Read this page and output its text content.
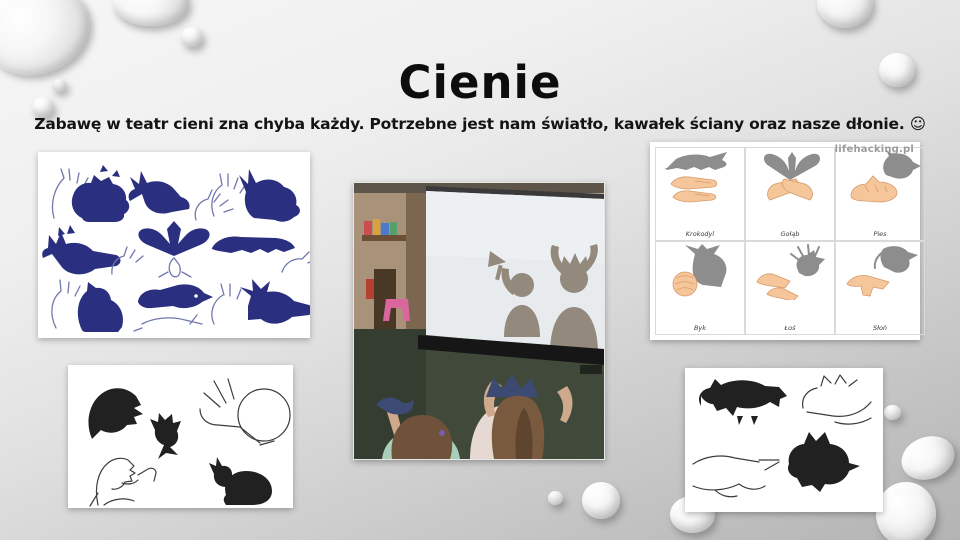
Cienie

Zabawę w teatr cieni zna chyba każdy. Potrzebne jest nam światło, kawałek ściany oraz nasze dłonie. ☺

lifehacking.pl
Krokodyl	Gołąb	Pies
Byk	Łoś	Słoń
